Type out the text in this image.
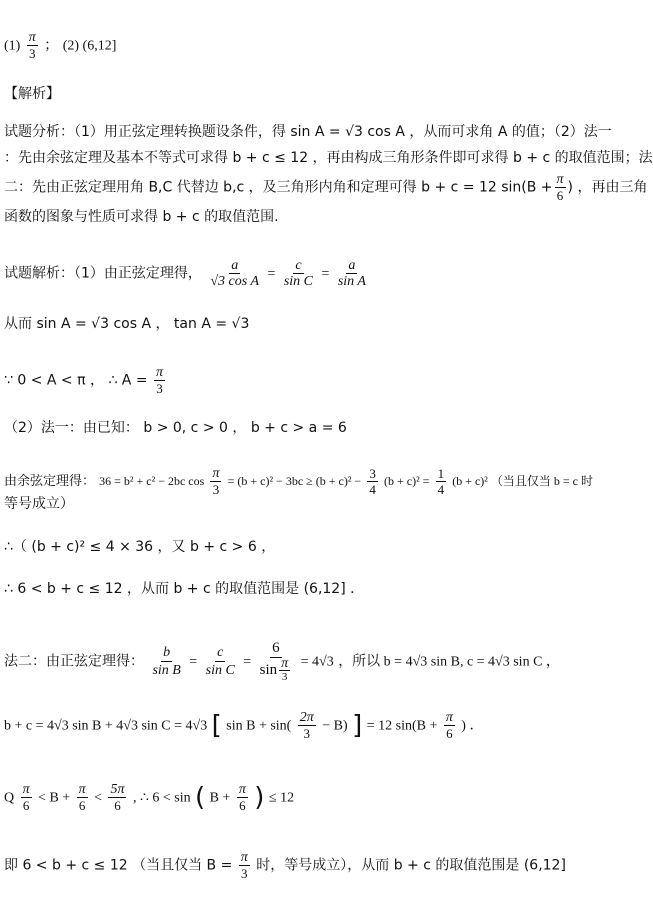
$(1) \frac{\pi}{3}$ ； (2) (6,12]
【解析】
试题分析：（1）用正弦定理转换题设条件，得 sin A = √3 cos A ，从而可求角 A 的值；（2）法一
：先由余弦定理及基本不等式可求得 b + c ≤ 12 ，再由构成三角形条件即可求得 b + c 的取值范围；法
二：先由正弦定理用角 B,C 代替边 b,c ，及三角形内角和定理可得 b + c = 12 $\sin(B + \frac{\pi}{6}$ ) ，再由三角
函数的图象与性质可求得 b + c 的取值范围.
试题解析：（1）由正弦定理得， $\frac{a}{\text{√3 cos A}} = \frac{c}{\text{sin C}} = \frac{a}{\text{sin A}}$
从而 sin A = √3 cos A ， tan A = √3
∵ 0 < A < π ， ∴ $A = \frac{\pi}{3}$
（2）法一：由已知： b > 0, c > 0 ， b + c > a = 6
由余弦定理得： 36 = b² + c² − 2bc $\cos \frac{\pi}{3} = (b + c)^2 - 3bc \ge (b + c)^2 - \frac{3}{4} (b + c)^2 = \frac{1}{4} (b + c)^2$ （当且仅当 b = c 时
等号成立）
∴（ (b + c)² ≤ 4 × 36 ，又 b + c > 6 ，
∴ 6 < b + c ≤ 12 ，从而 b + c 的取值范围是 (6,12] ．
法二：由正弦定理得： $\frac{b}{\text{sin B}} = \frac{c}{\text{sin C}} = \frac{6}{\sin \frac{\pi}{3}} = 4√3$ ，所以 b = 4√3 sin B, c = 4√3 sin C ，
b + c = 4√3 sin B + 4√3 sin C = 4√3 [ $\sin B + \sin( \frac{2\pi}{3} - B)$ ] = 12 $\sin(B + \frac{\pi}{6}$ ) ．
Q $\frac{\pi}{6} < B + \frac{\pi}{6} < \frac{5\pi}{6}$ , ∴ 6 < sin ( $B + \frac{\pi}{6}$ ) ≤ 12
即 6 < b + c ≤ 12 （当且仅当 $B = \frac{\pi}{3}$ 时，等号成立），从而 b + c 的取值范围是 (6,12]
